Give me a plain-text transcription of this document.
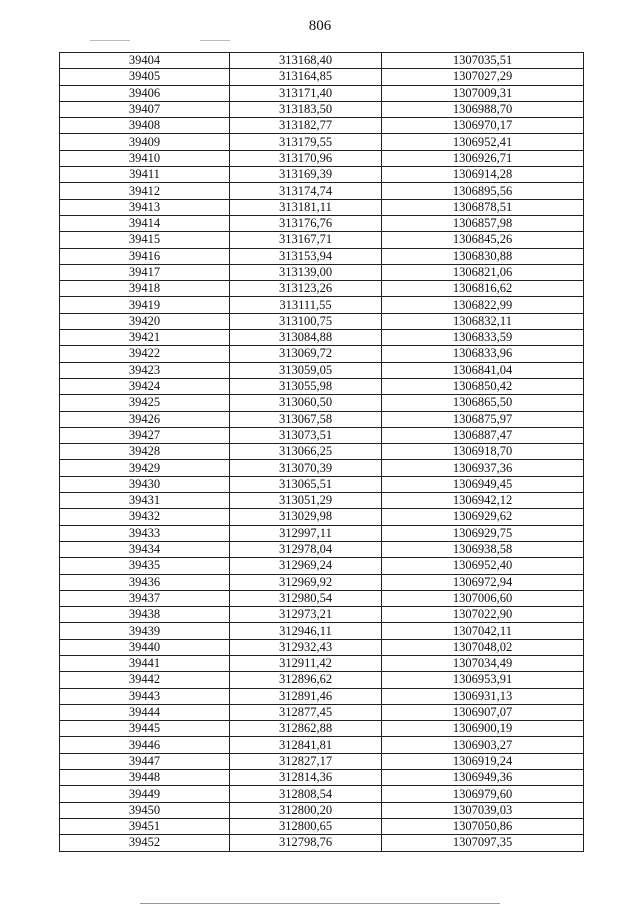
806
39404	313168,40	1307035,51
39405	313164,85	1307027,29
39406	313171,40	1307009,31
39407	313183,50	1306988,70
39408	313182,77	1306970,17
39409	313179,55	1306952,41
39410	313170,96	1306926,71
39411	313169,39	1306914,28
39412	313174,74	1306895,56
39413	313181,11	1306878,51
39414	313176,76	1306857,98
39415	313167,71	1306845,26
39416	313153,94	1306830,88
39417	313139,00	1306821,06
39418	313123,26	1306816,62
39419	313111,55	1306822,99
39420	313100,75	1306832,11
39421	313084,88	1306833,59
39422	313069,72	1306833,96
39423	313059,05	1306841,04
39424	313055,98	1306850,42
39425	313060,50	1306865,50
39426	313067,58	1306875,97
39427	313073,51	1306887,47
39428	313066,25	1306918,70
39429	313070,39	1306937,36
39430	313065,51	1306949,45
39431	313051,29	1306942,12
39432	313029,98	1306929,62
39433	312997,11	1306929,75
39434	312978,04	1306938,58
39435	312969,24	1306952,40
39436	312969,92	1306972,94
39437	312980,54	1307006,60
39438	312973,21	1307022,90
39439	312946,11	1307042,11
39440	312932,43	1307048,02
39441	312911,42	1307034,49
39442	312896,62	1306953,91
39443	312891,46	1306931,13
39444	312877,45	1306907,07
39445	312862,88	1306900,19
39446	312841,81	1306903,27
39447	312827,17	1306919,24
39448	312814,36	1306949,36
39449	312808,54	1306979,60
39450	312800,20	1307039,03
39451	312800,65	1307050,86
39452	312798,76	1307097,35
